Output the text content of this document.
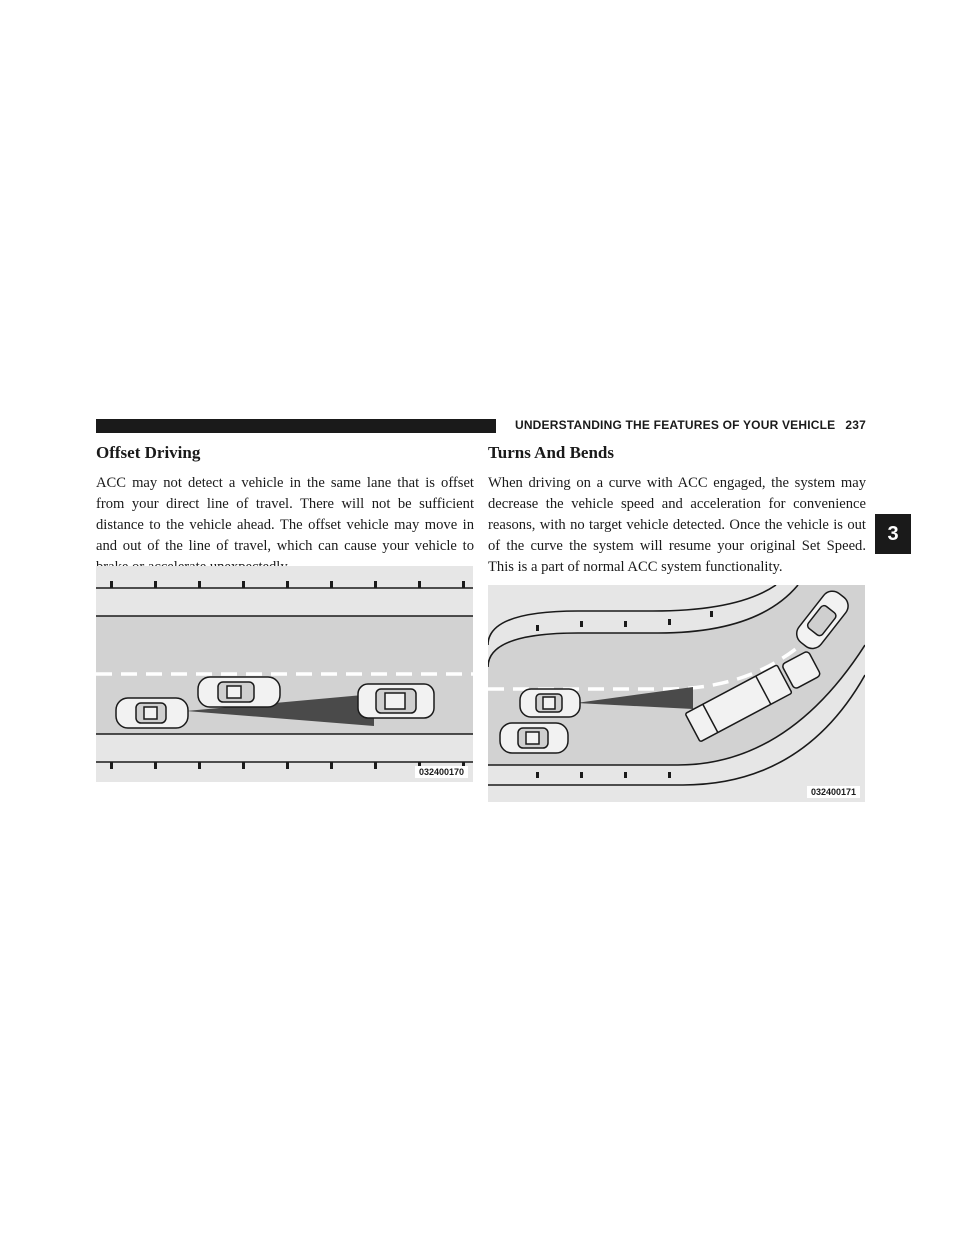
UNDERSTANDING THE FEATURES OF YOUR VEHICLE 237
3
Offset Driving

ACC may not detect a vehicle in the same lane that is offset from your direct line of travel. There will not be sufficient distance to the vehicle ahead. The offset vehicle may move in and out of the line of travel, which can cause your vehicle to

Turns And Bends

When driving on a curve with ACC engaged, the system may decrease the vehicle speed and acceleration for convenience reasons, with no target vehicle detected. Once the vehicle is out of the curve the system will resume your original Set Speed. This is a part of normal ACC system functionality.

032400170
032400171
